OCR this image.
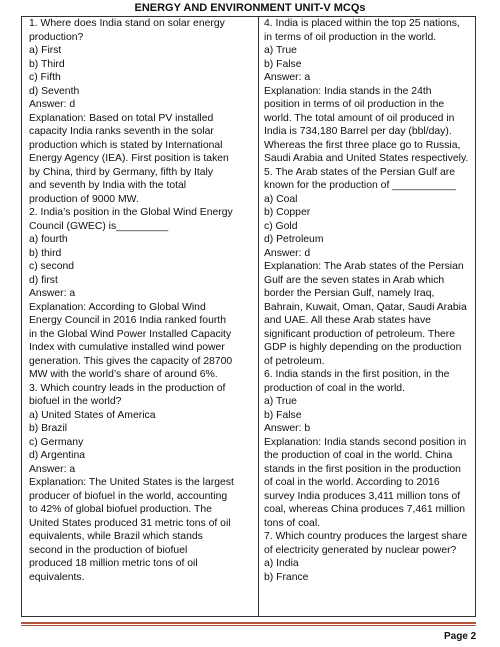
ENERGY AND ENVIRONMENT UNIT-V MCQs
1. Where does India stand on solar energy
production?
a) First
b) Third
c) Fifth
d) Seventh
Answer: d
Explanation: Based on total PV installed
capacity India ranks seventh in the solar
production which is stated by International
Energy Agency (IEA). First position is taken
by China, third by Germany, fifth by Italy
and seventh by India with the total
production of 9000 MW.
2. India’s position in the Global Wind Energy
Council (GWEC) is_________
a) fourth
b) third
c) second
d) first
Answer: a
Explanation: According to Global Wind
Energy Council in 2016 India ranked fourth
in the Global Wind Power Installed Capacity
Index with cumulative installed wind power
generation. This gives the capacity of 28700
MW with the world’s share of around 6%.
3. Which country leads in the production of
biofuel in the world?
a) United States of America
b) Brazil
c) Germany
d) Argentina
Answer: a
Explanation: The United States is the largest
producer of biofuel in the world, accounting
to 42% of global biofuel production. The
United States produced 31 metric tons of oil
equivalents, while Brazil which stands
second in the production of biofuel
produced 18 million metric tons of oil
equivalents.
4. India is placed within the top 25 nations,
in terms of oil production in the world.
a) True
b) False
Answer: a
Explanation: India stands in the 24th
position in terms of oil production in the
world. The total amount of oil produced in
India is 734,180 Barrel per day (bbl/day).
Whereas the first three place go to Russia,
Saudi Arabia and United States respectively.
5. The Arab states of the Persian Gulf are
known for the production of ___________
a) Coal
b) Copper
c) Gold
d) Petroleum
Answer: d
Explanation: The Arab states of the Persian
Gulf are the seven states in Arab which
border the Persian Gulf, namely Iraq,
Bahrain, Kuwait, Oman, Qatar, Saudi Arabia
and UAE. All these Arab states have
significant production of petroleum. There
GDP is highly depending on the production
of petroleum.
6. India stands in the first position, in the
production of coal in the world.
a) True
b) False
Answer: b
Explanation: India stands second position in
the production of coal in the world. China
stands in the first position in the production
of coal in the world. According to 2016
survey India produces 3,411 million tons of
coal, whereas China produces 7,461 million
tons of coal.
7. Which country produces the largest share
of electricity generated by nuclear power?
a) India
b) France
Page 2
